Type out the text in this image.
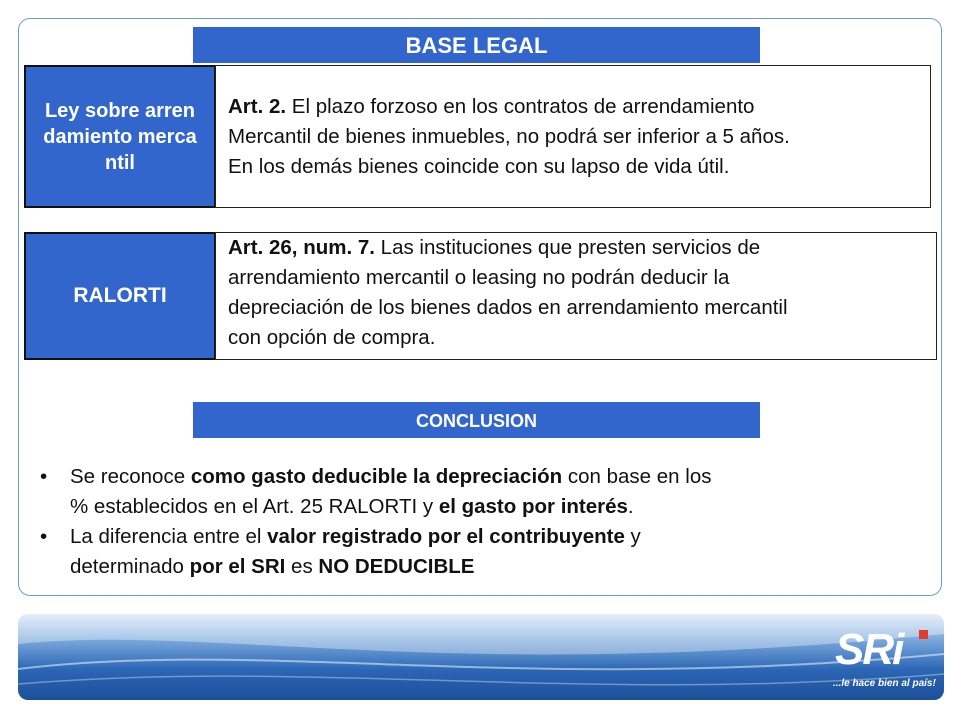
BASE LEGAL
Ley sobre arrendamiento mercantil
Art. 2. El plazo forzoso en los contratos de arrendamiento
Mercantil de bienes inmuebles, no podrá ser inferior a 5 años.
En los demás bienes coincide con su lapso de vida útil.
RALORTI
Art. 26, num. 7. Las instituciones que presten servicios de
arrendamiento mercantil o leasing no podrán deducir la
depreciación de los bienes dados en arrendamiento mercantil
con opción de compra.
CONCLUSION
• Se reconoce como gasto deducible la depreciación con base en los
% establecidos en el Art. 25 RALORTI y el gasto por interés.
• La diferencia entre el valor registrado por el contribuyente y
determinado por el SRI es NO DEDUCIBLE
SRi
...le hace bien al país!
